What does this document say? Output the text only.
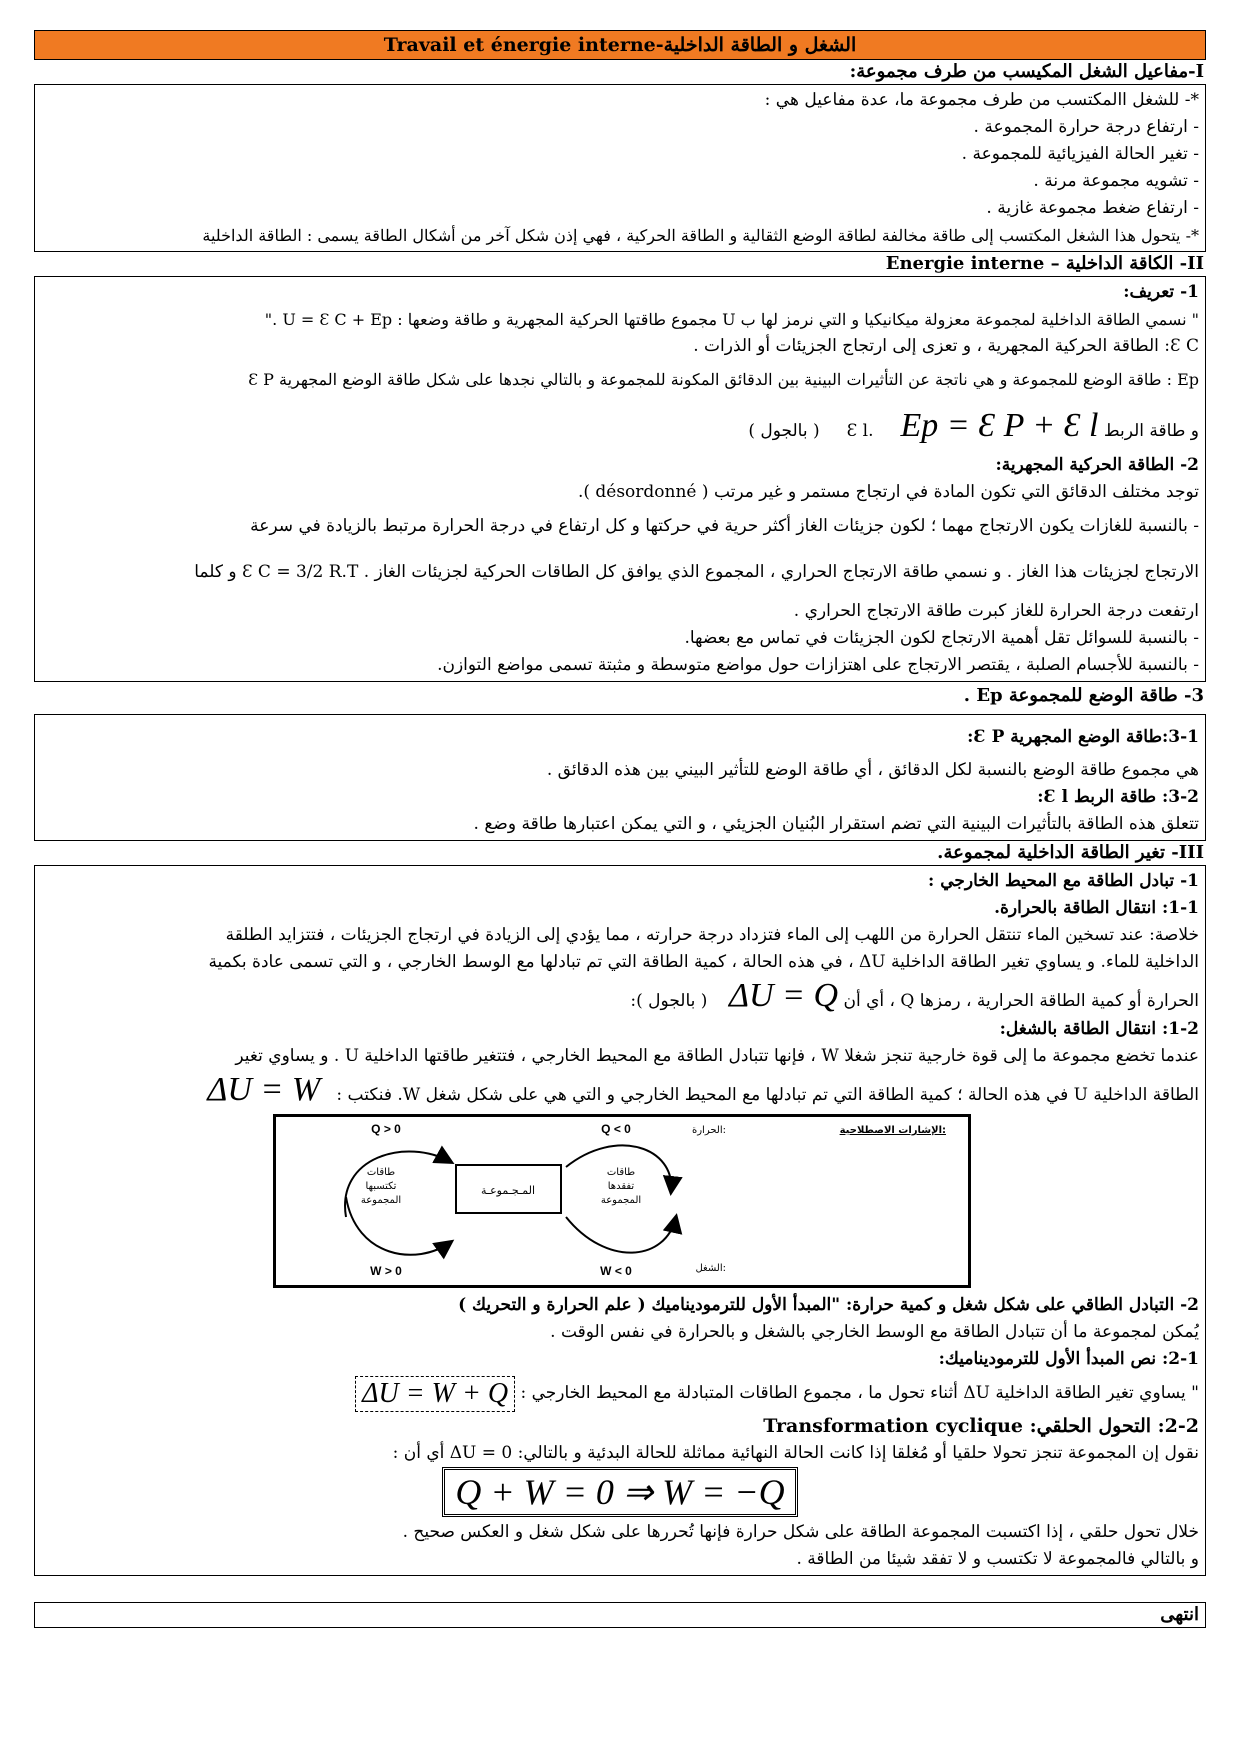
Travail et énergie interne-الشغل و الطاقة الداخلية
I-مفاعيل الشغل المكيسب من طرف مجموعة:
*- للشغل االمكتسب من طرف مجموعة ما، عدة مفاعيل هي :
- ارتفاع درجة حرارة المجموعة .
- تغير الحالة الفيزيائية للمجموعة .
- تشويه مجموعة مرنة .
- ارتفاع ضغط مجموعة غازية .
*- يتحول هذا الشغل المكتسب إلى طاقة مخالفة لطاقة الوضع الثقالية و الطاقة الحركية ، فهي إذن شكل آخر من أشكال الطاقة يسمى : الطاقة الداخلية
II- الكاقة الداخلية – Energie interne
1- تعريف:
" نسمي الطاقة الداخلية لمجموعة معزولة ميكانيكيا و التي نرمز لها ب U مجموع طاقتها الحركية المجهرية و طاقة وضعها : U = Ɛ C + Ep ."
Ɛ C: الطاقة الحركية المجهرية ، و تعزى إلى ارتجاج الجزيئات أو الذرات .
Ep : طاقة الوضع للمجموعة و هي ناتجة عن التأثيرات البينية بين الدقائق المكونة للمجموعة و بالتالي نجدها على شكل طاقة الوضع المجهرية Ɛ P
و طاقة الربط Ɛ l.     Ep = Ɛ P + Ɛ l     ( بالجول )
2- الطاقة الحركية المجهرية:
توجد مختلف الدقائق التي تكون المادة في ارتجاج مستمر و غير مرتب ( désordonné ).
- بالنسبة للغازات يكون الارتجاج مهما ؛ لكون جزيئات الغاز أكثر حرية في حركتها و كل ارتفاع في درجة الحرارة مرتبط بالزيادة في سرعة
الارتجاج لجزيئات هذا الغاز . و نسمي طاقة الارتجاج الحراري ، المجموع الذي يوافق كل الطاقات الحركية لجزيئات الغاز . Ɛ C = 3/2 R.T و كلما
ارتفعت درجة الحرارة للغاز كبرت طاقة الارتجاج الحراري .
- بالنسبة للسوائل تقل أهمية الارتجاج لكون الجزيئات في تماس مع بعضها.
- بالنسبة للأجسام الصلبة ، يقتصر الارتجاج على اهتزازات حول مواضع متوسطة و مثبتة تسمى مواضع التوازن.
3- طاقة الوضع للمجموعة Ep .
3-1:طاقة الوضع المجهرية Ɛ P:
هي مجموع طاقة الوضع بالنسبة لكل الدقائق ، أي طاقة الوضع للتأثير البيني بين هذه الدقائق .
3-2: طاقة الربط Ɛ l:
تتعلق هذه الطاقة بالتأثيرات البينية التي تضم استقرار البُنيان الجزيئي ، و التي يمكن اعتبارها طاقة وضع .
III- تغير الطاقة الداخلية لمجموعة.
1- تبادل الطاقة مع المحيط الخارجي :
1-1: انتقال الطاقة بالحرارة.
خلاصة: عند تسخين الماء تنتقل الحرارة من اللهب إلى الماء فتزداد درجة حرارته ، مما يؤدي إلى الزيادة في ارتجاج الجزيئات ، فتتزايد الطلقة
الداخلية للماء. و يساوي تغير الطاقة الداخلية ΔU ، في هذه الحالة ، كمية الطاقة التي تم تبادلها مع الوسط الخارجي ، و التي تسمى عادة بكمية
الحرارة أو كمية الطاقة الحرارية ، رمزها Q ، أي أن ΔU = Q    ( بالجول ):
1-2: انتقال الطاقة بالشغل:
عندما تخضع مجموعة ما إلى قوة خارجية تنجز شغلا W ، فإنها تتبادل الطاقة مع المحيط الخارجي ، فتتغير طاقتها الداخلية U . و يساوي تغير
الطاقة الداخلية U في هذه الحالة ؛ كمية الطاقة التي تم تبادلها مع المحيط الخارجي و التي هي على شكل شغل W. فنكتب :   ΔU = W
Q > 0	Q < 0
W > 0	W < 0
طاقات
تكتسبها
المجموعة
طاقات
تفقدها
المجموعة
المـجـموعـة
الإشارات الاصطلاحية:
الحرارة:
الشغل:
2- التبادل الطاقي على شكل شغل و كمية حرارة: "المبدأ الأول للترموديناميك ( علم الحرارة و التحريك )
يُمكن لمجموعة ما أن تتبادل الطاقة مع الوسط الخارجي بالشغل و بالحرارة في نفس الوقت .
2-1: نص المبدأ الأول للترموديناميك:
" يساوي تغير الطاقة الداخلية ΔU أثناء تحول ما ، مجموع الطاقات المتبادلة مع المحيط الخارجي : ΔU = W + Q
2-2: التحول الحلقي: Transformation cyclique
نقول إن المجموعة تنجز تحولا حلقيا أو مُغلقا إذا كانت الحالة النهائية مماثلة للحالة البدئية و بالتالي: ΔU = 0 أي أن :
Q + W = 0 ⇒ W = −Q
خلال تحول حلقي ، إذا اكتسبت المجموعة الطاقة على شكل حرارة فإنها تُحررها على شكل شغل و العكس صحيح .
و بالتالي فالمجموعة لا تكتسب و لا تفقد شيئا من الطاقة .
انتهى
